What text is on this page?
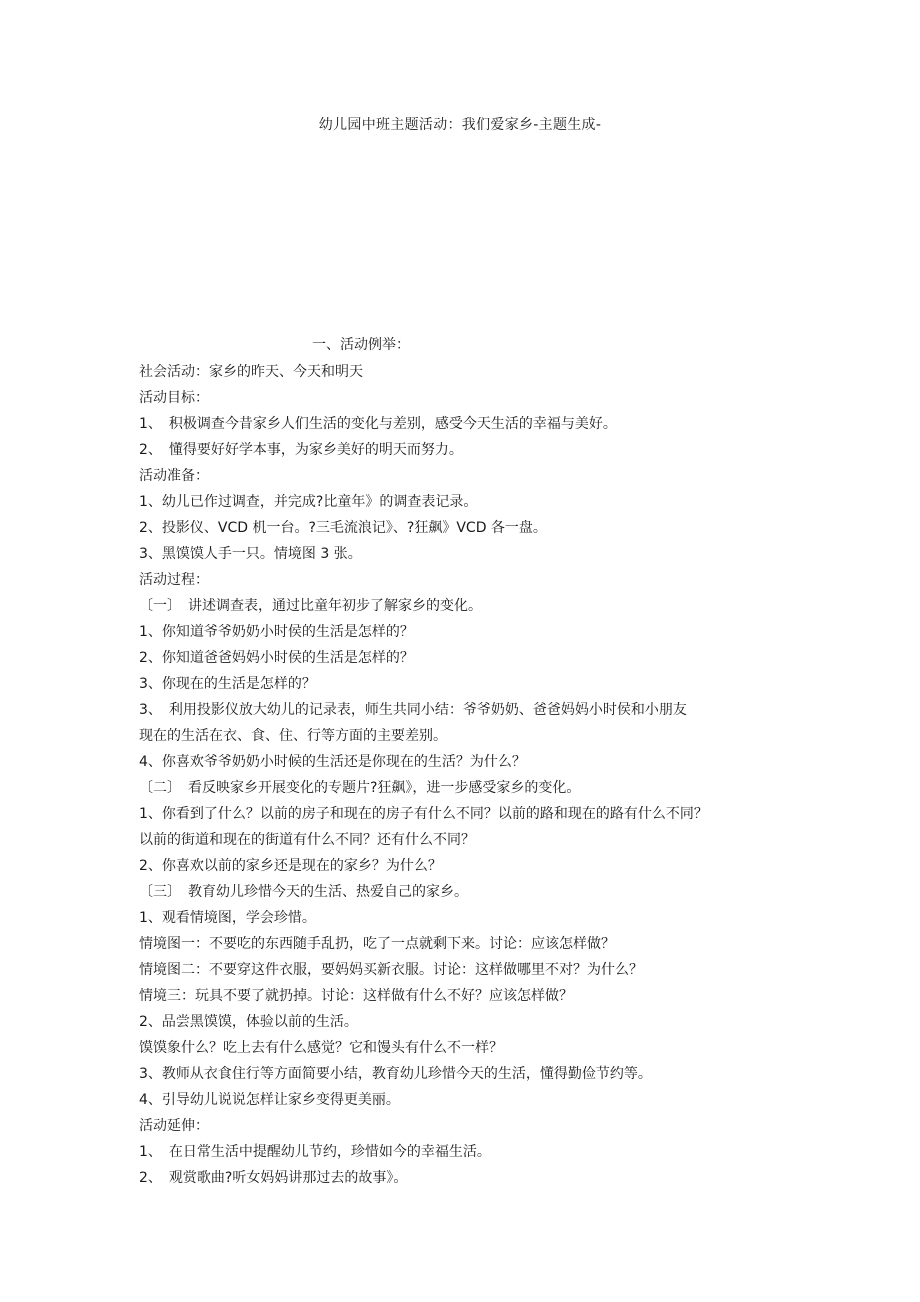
幼儿园中班主题活动：我们爱家乡-主题生成-
一、活动例举：
社会活动：家乡的昨天、今天和明天
活动目标：
1、　积极调查今昔家乡人们生活的变化与差别，感受今天生活的幸福与美好。
2、　懂得要好好学本事，为家乡美好的明天而努力。
活动准备：
1、幼儿已作过调查，并完成?比童年》的调查表记录。
2、投影仪、VCD 机一台。?三毛流浪记》、?狂飙》VCD 各一盘。
3、黑馍馍人手一只。情境图 3 张。
活动过程：
〔一〕　讲述调查表，通过比童年初步了解家乡的变化。
1、你知道爷爷奶奶小时侯的生活是怎样的？
2、你知道爸爸妈妈小时侯的生活是怎样的？
3、你现在的生活是怎样的？
3、　利用投影仪放大幼儿的记录表，师生共同小结：爷爷奶奶、爸爸妈妈小时侯和小朋友
现在的生活在衣、食、住、行等方面的主要差别。
4、你喜欢爷爷奶奶小时候的生活还是你现在的生活？为什么？
〔二〕　看反映家乡开展变化的专题片?狂飙》，进一步感受家乡的变化。
1、你看到了什么？以前的房子和现在的房子有什么不同？以前的路和现在的路有什么不同？
以前的街道和现在的街道有什么不同？还有什么不同？
2、你喜欢以前的家乡还是现在的家乡？为什么？
〔三〕　教育幼儿珍惜今天的生活、热爱自己的家乡。
1、观看情境图，学会珍惜。
情境图一：不要吃的东西随手乱扔，吃了一点就剩下来。讨论：应该怎样做？
情境图二：不要穿这件衣服，要妈妈买新衣服。讨论：这样做哪里不对？为什么？
情境三：玩具不要了就扔掉。讨论：这样做有什么不好？应该怎样做？
2、品尝黑馍馍，体验以前的生活。
馍馍象什么？吃上去有什么感觉？它和馒头有什么不一样？
3、教师从衣食住行等方面简要小结，教育幼儿珍惜今天的生活，懂得勤俭节约等。
4、引导幼儿说说怎样让家乡变得更美丽。
活动延伸：
1、　在日常生活中提醒幼儿节约，珍惜如今的幸福生活。
2、　观赏歌曲?听女妈妈讲那过去的故事》。
